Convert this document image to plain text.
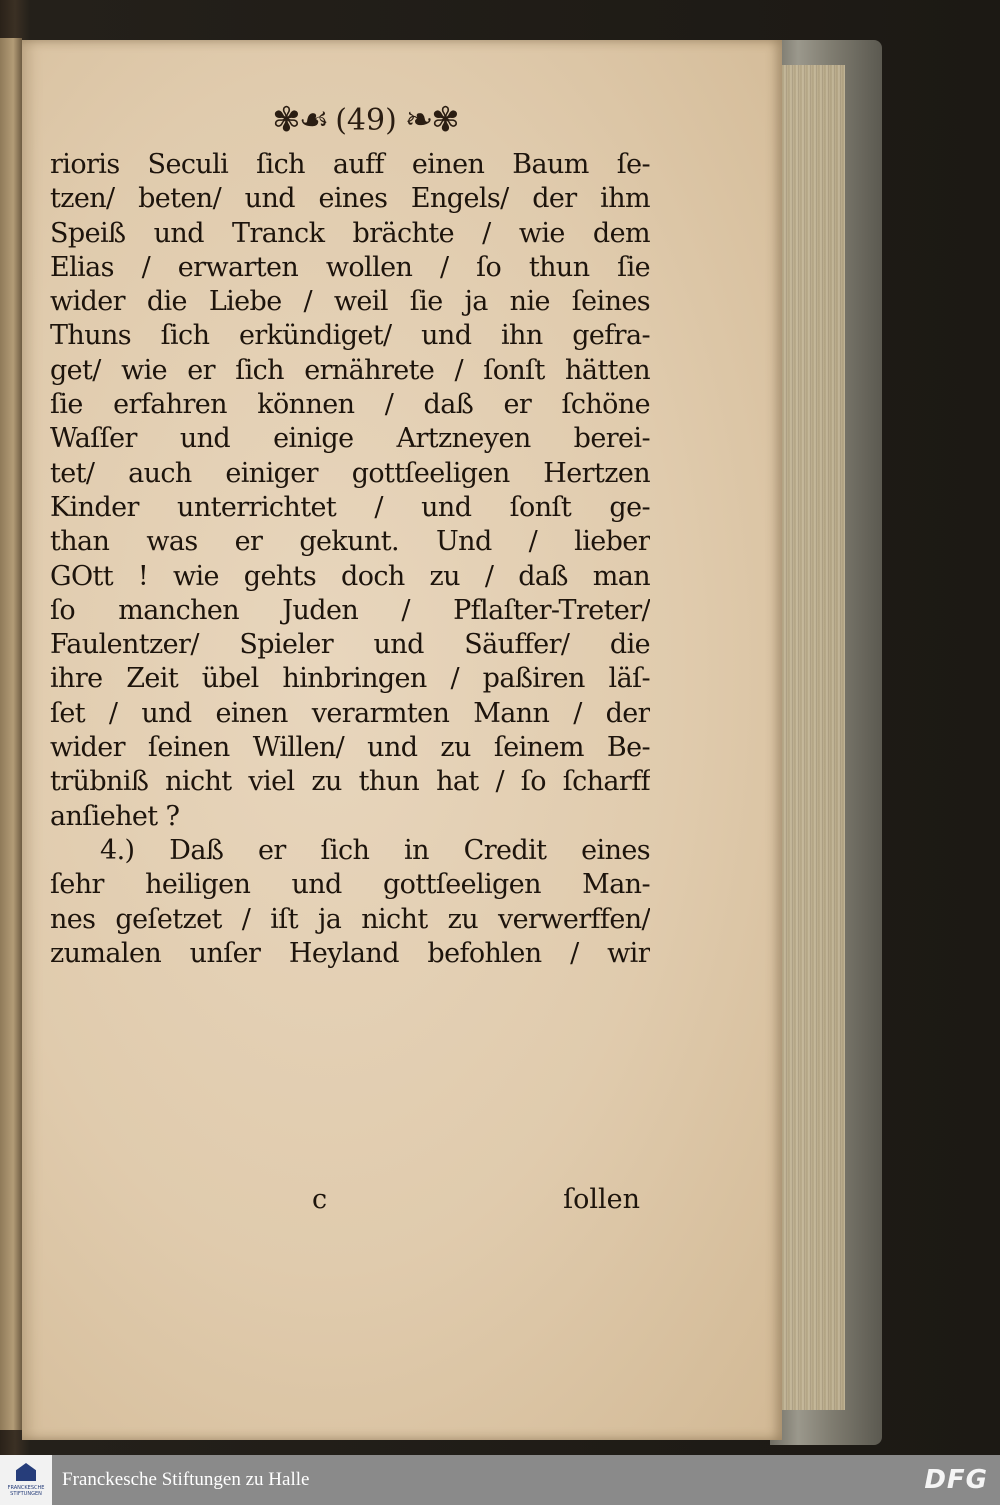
✾☙ (49) ❧✾
rioris Seculi ſich auff einen Baum ſe-
tzen/ beten/ und eines Engels/ der ihm
Speiß und Tranck brächte / wie dem
Elias / erwarten wollen / ſo thun ſie
wider die Liebe / weil ſie ja nie ſeines
Thuns ſich erkündiget/ und ihn gefra-
get/ wie er ſich ernährete / ſonſt hätten
ſie erfahren können / daß er ſchöne
Waſſer und einige Artzneyen berei-
tet/ auch einiger gottſeeligen Hertzen
Kinder unterrichtet / und ſonſt ge-
than was er gekunt. Und / lieber
GOtt ! wie gehts doch zu / daß man
ſo manchen Juden / Pflaſter-Treter/
Faulentzer/ Spieler und Säuffer/ die
ihre Zeit übel hinbringen / paßiren läſ-
ſet / und einen verarmten Mann / der
wider ſeinen Willen/ und zu ſeinem Be-
trübniß nicht viel zu thun hat / ſo ſcharff
anſiehet ?
4.) Daß er ſich in Credit eines
ſehr heiligen und gottſeeligen Man-
nes geſetzet / iſt ja nicht zu verwerffen/
zumalen unſer Heyland befohlen / wir
c	ſollen
FRANCKESCHE STIFTUNGEN
Franckesche Stiftungen zu Halle	DFG
